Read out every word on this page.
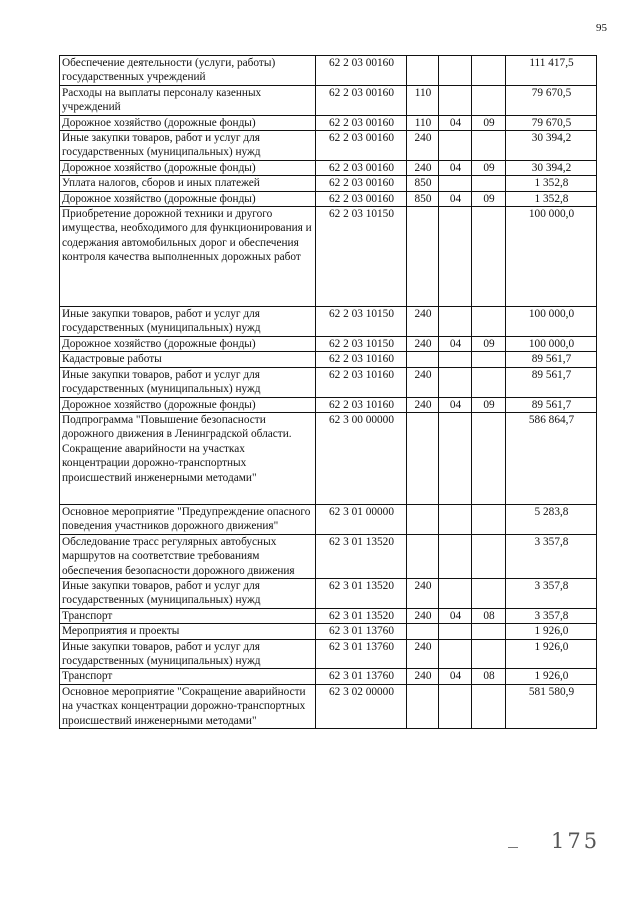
95
Обеспечение деятельности (услуги, работы) государственных учреждений	62 2 03 00160				111 417,5
Расходы на выплаты персоналу казенных учреждений	62 2 03 00160	110			79 670,5
Дорожное хозяйство (дорожные фонды)	62 2 03 00160	110	04	09	79 670,5
Иные закупки товаров, работ и услуг для государственных (муниципальных) нужд	62 2 03 00160	240			30 394,2
Дорожное хозяйство (дорожные фонды)	62 2 03 00160	240	04	09	30 394,2
Уплата налогов, сборов и иных платежей	62 2 03 00160	850			1 352,8
Дорожное хозяйство (дорожные фонды)	62 2 03 00160	850	04	09	1 352,8
Приобретение дорожной техники и другого имущества, необходимого для функционирования и содержания автомобильных дорог и обеспечения контроля качества выполненных дорожных работ	62 2 03 10150				100 000,0
Иные закупки товаров, работ и услуг для государственных (муниципальных) нужд	62 2 03 10150	240			100 000,0
Дорожное хозяйство (дорожные фонды)	62 2 03 10150	240	04	09	100 000,0
Кадастровые работы	62 2 03 10160				89 561,7
Иные закупки товаров, работ и услуг для государственных (муниципальных) нужд	62 2 03 10160	240			89 561,7
Дорожное хозяйство (дорожные фонды)	62 2 03 10160	240	04	09	89 561,7
Подпрограмма "Повышение безопасности дорожного движения в Ленинградской области. Сокращение аварийности на участках концентрации дорожно-транспортных происшествий инженерными методами"	62 3 00 00000				586 864,7
Основное мероприятие "Предупреждение опасного поведения участников дорожного движения"	62 3 01 00000				5 283,8
Обследование трасс регулярных автобусных маршрутов на соответствие требованиям обеспечения безопасности дорожного движения	62 3 01 13520				3 357,8
Иные закупки товаров, работ и услуг для государственных (муниципальных) нужд	62 3 01 13520	240			3 357,8
Транспорт	62 3 01 13520	240	04	08	3 357,8
Мероприятия и проекты	62 3 01 13760				1 926,0
Иные закупки товаров, работ и услуг для государственных (муниципальных) нужд	62 3 01 13760	240			1 926,0
Транспорт	62 3 01 13760	240	04	08	1 926,0
Основное мероприятие "Сокращение аварийности на участках концентрации дорожно-транспортных происшествий инженерными методами"	62 3 02 00000				581 580,9
175
